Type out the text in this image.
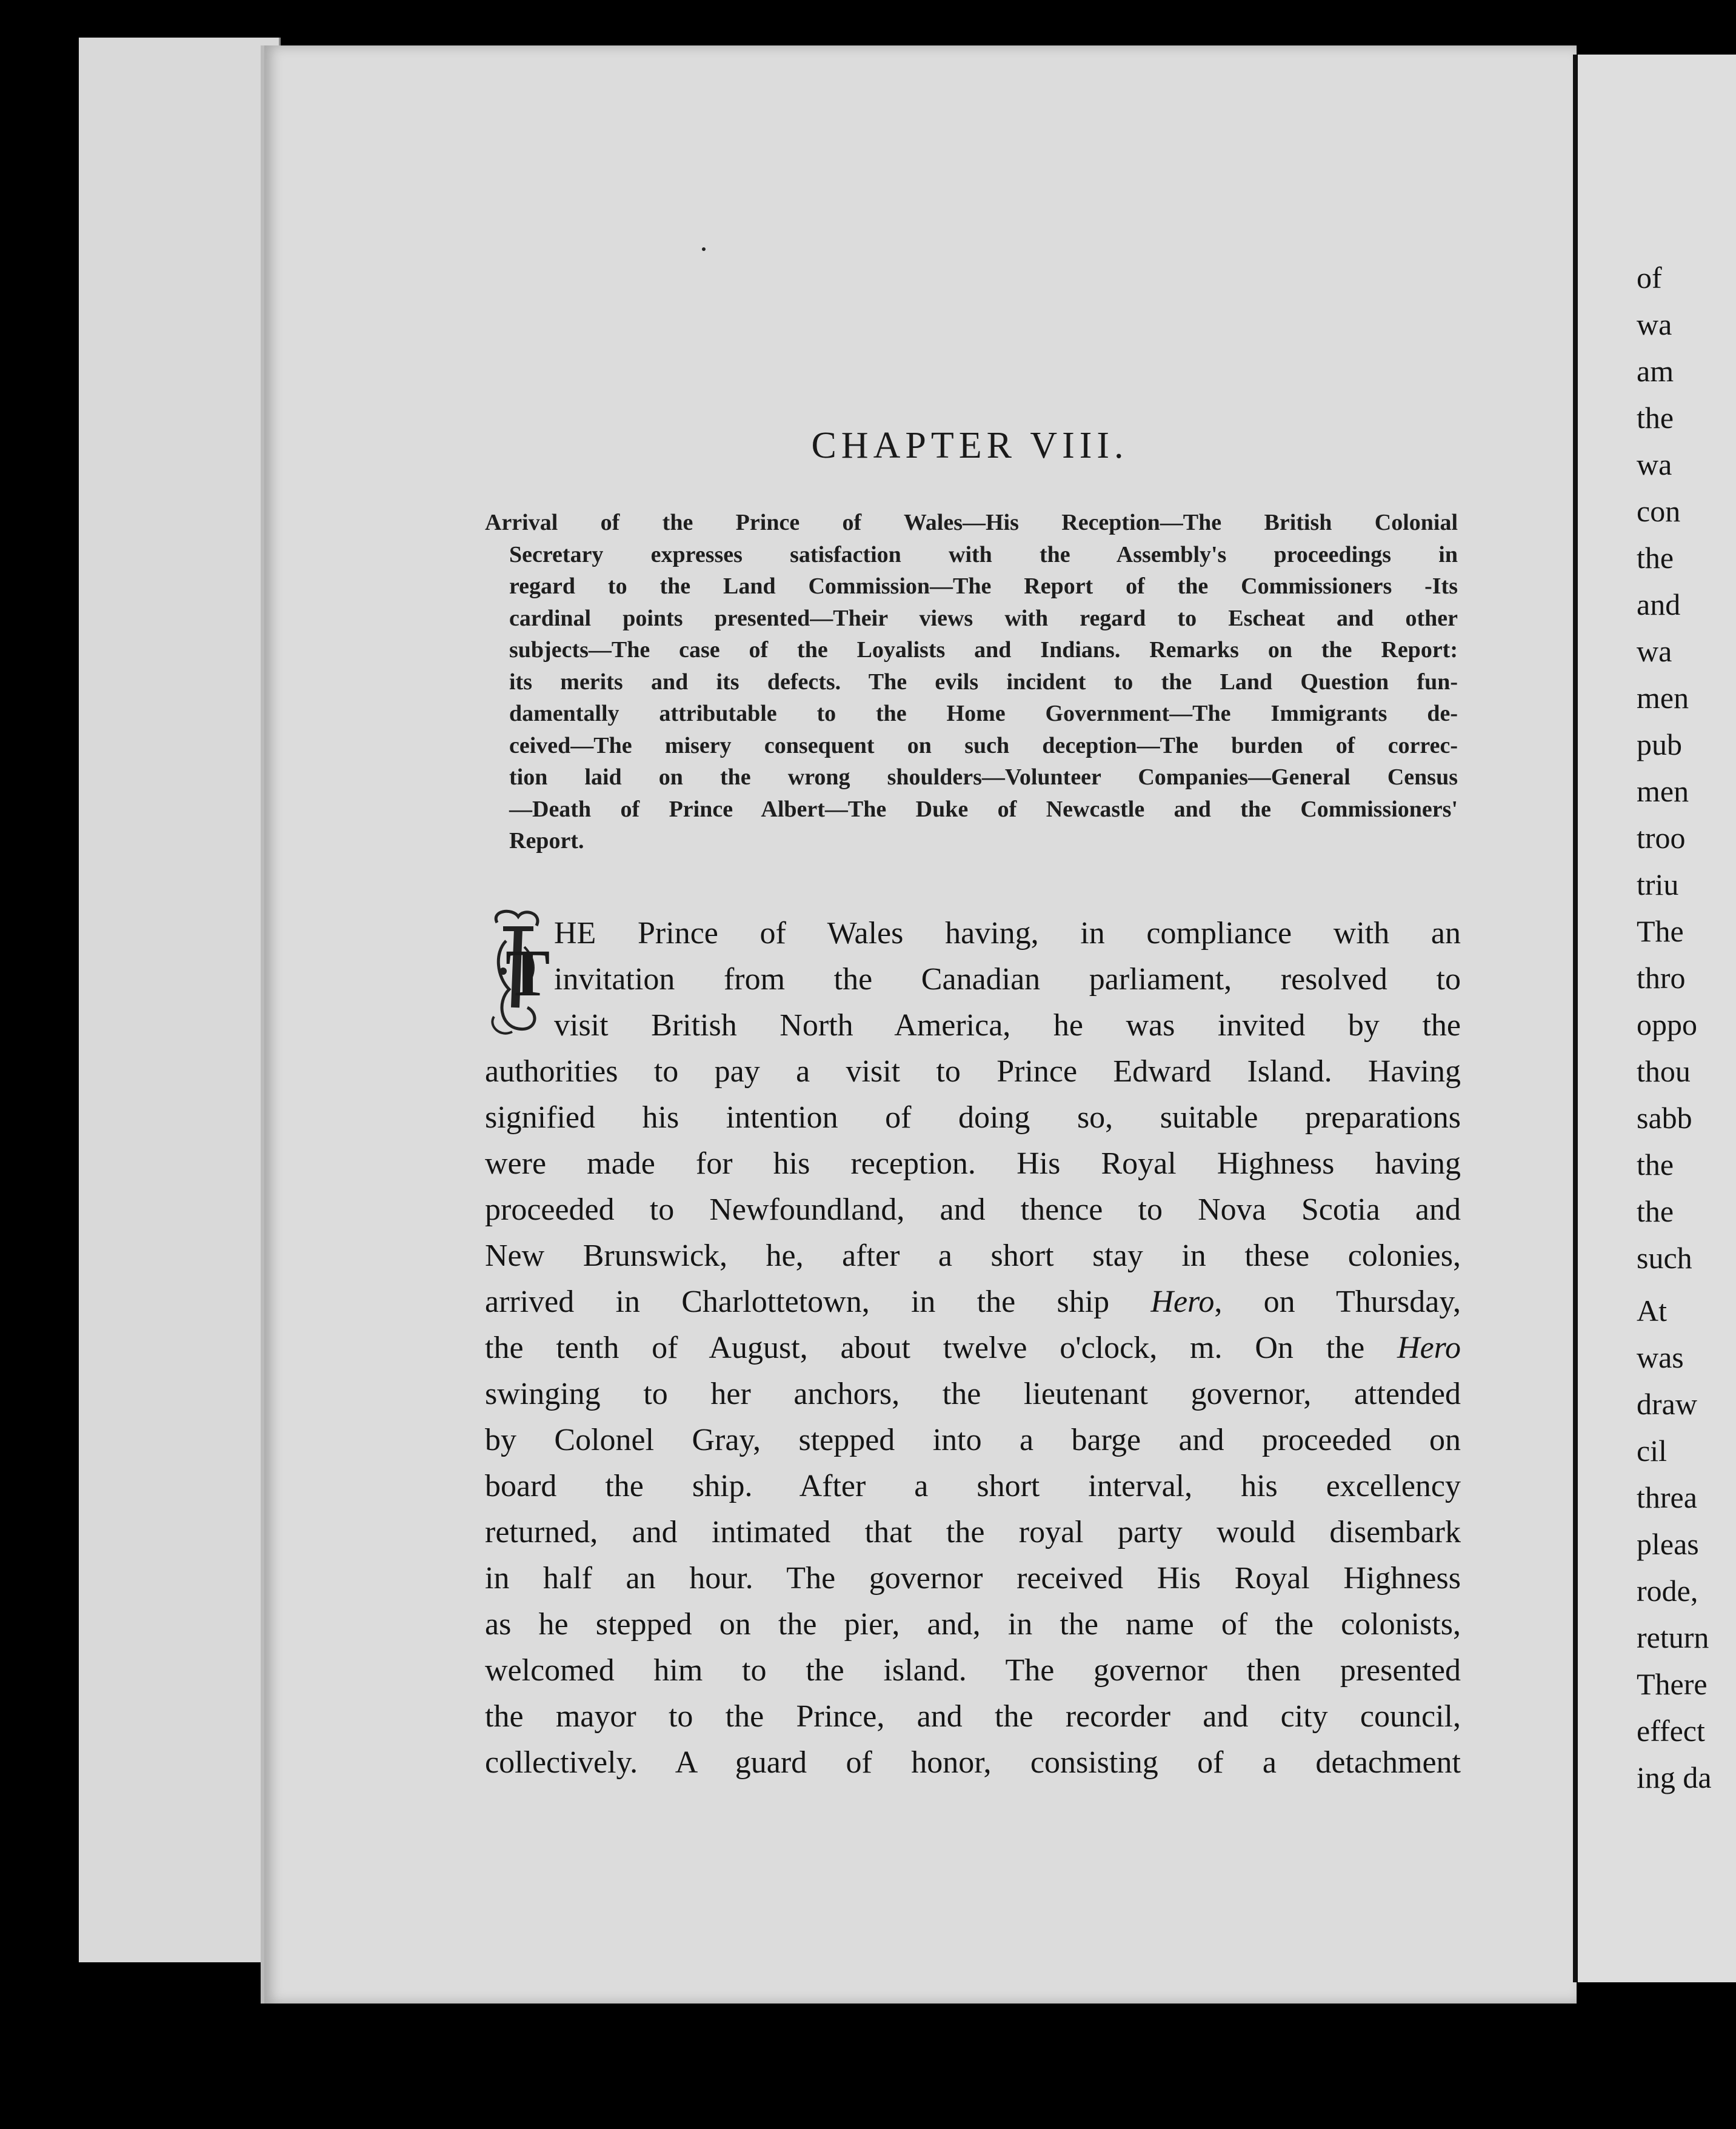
CHAPTER VIII.
Arrival of the Prince of Wales—His Reception—The British Colonial
Secretary expresses satisfaction with the Assembly's proceedings in
regard to the Land Commission—The Report of the Commissioners -Its
cardinal points presented—Their views with regard to Escheat and other
subjects—The case of the Loyalists and Indians. Remarks on the Report:
its merits and its defects. The evils incident to the Land Question fun-
damentally attributable to the Home Government—The Immigrants de-
ceived—The misery consequent on such deception—The burden of correc-
tion laid on the wrong shoulders—Volunteer Companies—General Census
—Death of Prince Albert—The Duke of Newcastle and the Commissioners'
Report.
T
HE Prince of Wales having, in compliance with an
invitation from the Canadian parliament, resolved to
visit British North America, he was invited by the
authorities to pay a visit to Prince Edward Island. Having
signified his intention of doing so, suitable preparations
were made for his reception. His Royal Highness having
proceeded to Newfoundland, and thence to Nova Scotia and
New Brunswick, he, after a short stay in these colonies,
arrived in Charlottetown, in the ship Hero, on Thursday,
the tenth of August, about twelve o'clock, m. On the Hero
swinging to her anchors, the lieutenant governor, attended
by Colonel Gray, stepped into a barge and proceeded on
board the ship. After a short interval, his excellency
returned, and intimated that the royal party would disembark
in half an hour. The governor received His Royal Highness
as he stepped on the pier, and, in the name of the colonists,
welcomed him to the island. The governor then presented
the mayor to the Prince, and the recorder and city council,
collectively. A guard of honor, consisting of a detachment
of
wa
am
the
wa
con
the
and
wa
men
pub
men
troo
triu
The
thro
oppo
thou
sabb
the
the
such
At
was
draw
cil
threa
pleas
rode,
return
There
effect
ing da
